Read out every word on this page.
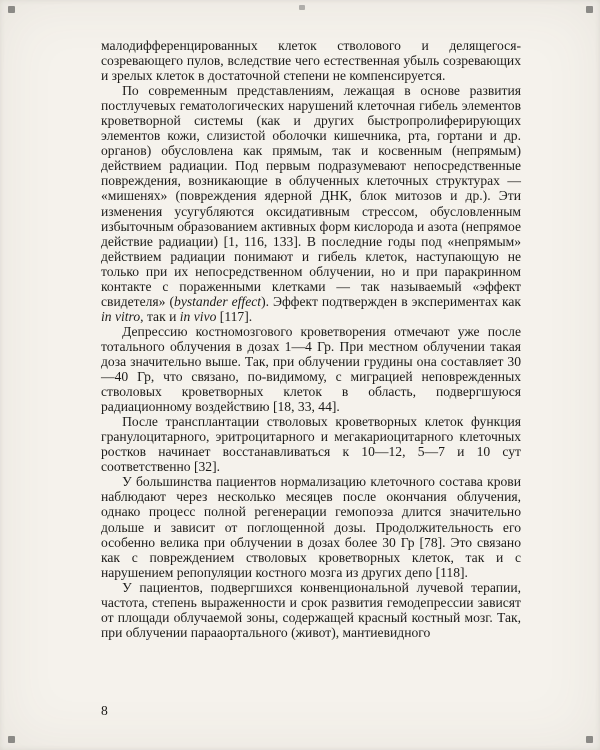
малодифференцированных клеток стволового и делящегося-созревающего пулов, вследствие чего естественная убыль созревающих и зрелых клеток в достаточной степени не компенсируется.

По современным представлениям, лежащая в основе развития постлучевых гематологических нарушений клеточная гибель элементов кроветворной системы (как и других быстропролиферирующих элементов кожи, слизистой оболочки кишечника, рта, гортани и др. органов) обусловлена как прямым, так и косвенным (непрямым) действием радиации. Под первым подразумевают непосредственные повреждения, возникающие в облученных клеточных структурах — «мишенях» (повреждения ядерной ДНК, блок митозов и др.). Эти изменения усугубляются оксидативным стрессом, обусловленным избыточным образованием активных форм кислорода и азота (непрямое действие радиации) [1, 116, 133]. В последние годы под «непрямым» действием радиации понимают и гибель клеток, наступающую не только при их непосредственном облучении, но и при паракринном контакте с пораженными клетками — так называемый «эффект свидетеля» (bystander effect). Эффект подтвержден в экспериментах как in vitro, так и in vivo [117].

Депрессию костномозгового кроветворения отмечают уже после тотального облучения в дозах 1—4 Гр. При местном облучении такая доза значительно выше. Так, при облучении грудины она составляет 30—40 Гр, что связано, по-видимому, с миграцией неповрежденных стволовых кроветворных клеток в область, подвергшуюся радиационному воздействию [18, 33, 44].

После трансплантации стволовых кроветворных клеток функция гранулоцитарного, эритроцитарного и мегакариоцитарного клеточных ростков начинает восстанавливаться к 10—12, 5—7 и 10 сут соответственно [32].

У большинства пациентов нормализацию клеточного состава крови наблюдают через несколько месяцев после окончания облучения, однако процесс полной регенерации гемопоэза длится значительно дольше и зависит от поглощенной дозы. Продолжительность его особенно велика при облучении в дозах более 30 Гр [78]. Это связано как с повреждением стволовых кроветворных клеток, так и с нарушением репопуляции костного мозга из других депо [118].

У пациентов, подвергшихся конвенциональной лучевой терапии, частота, степень выраженности и срок развития гемодепрессии зависят от площади облучаемой зоны, содержащей красный костный мозг. Так, при облучении парааортального (живот), мантиевидного

8
